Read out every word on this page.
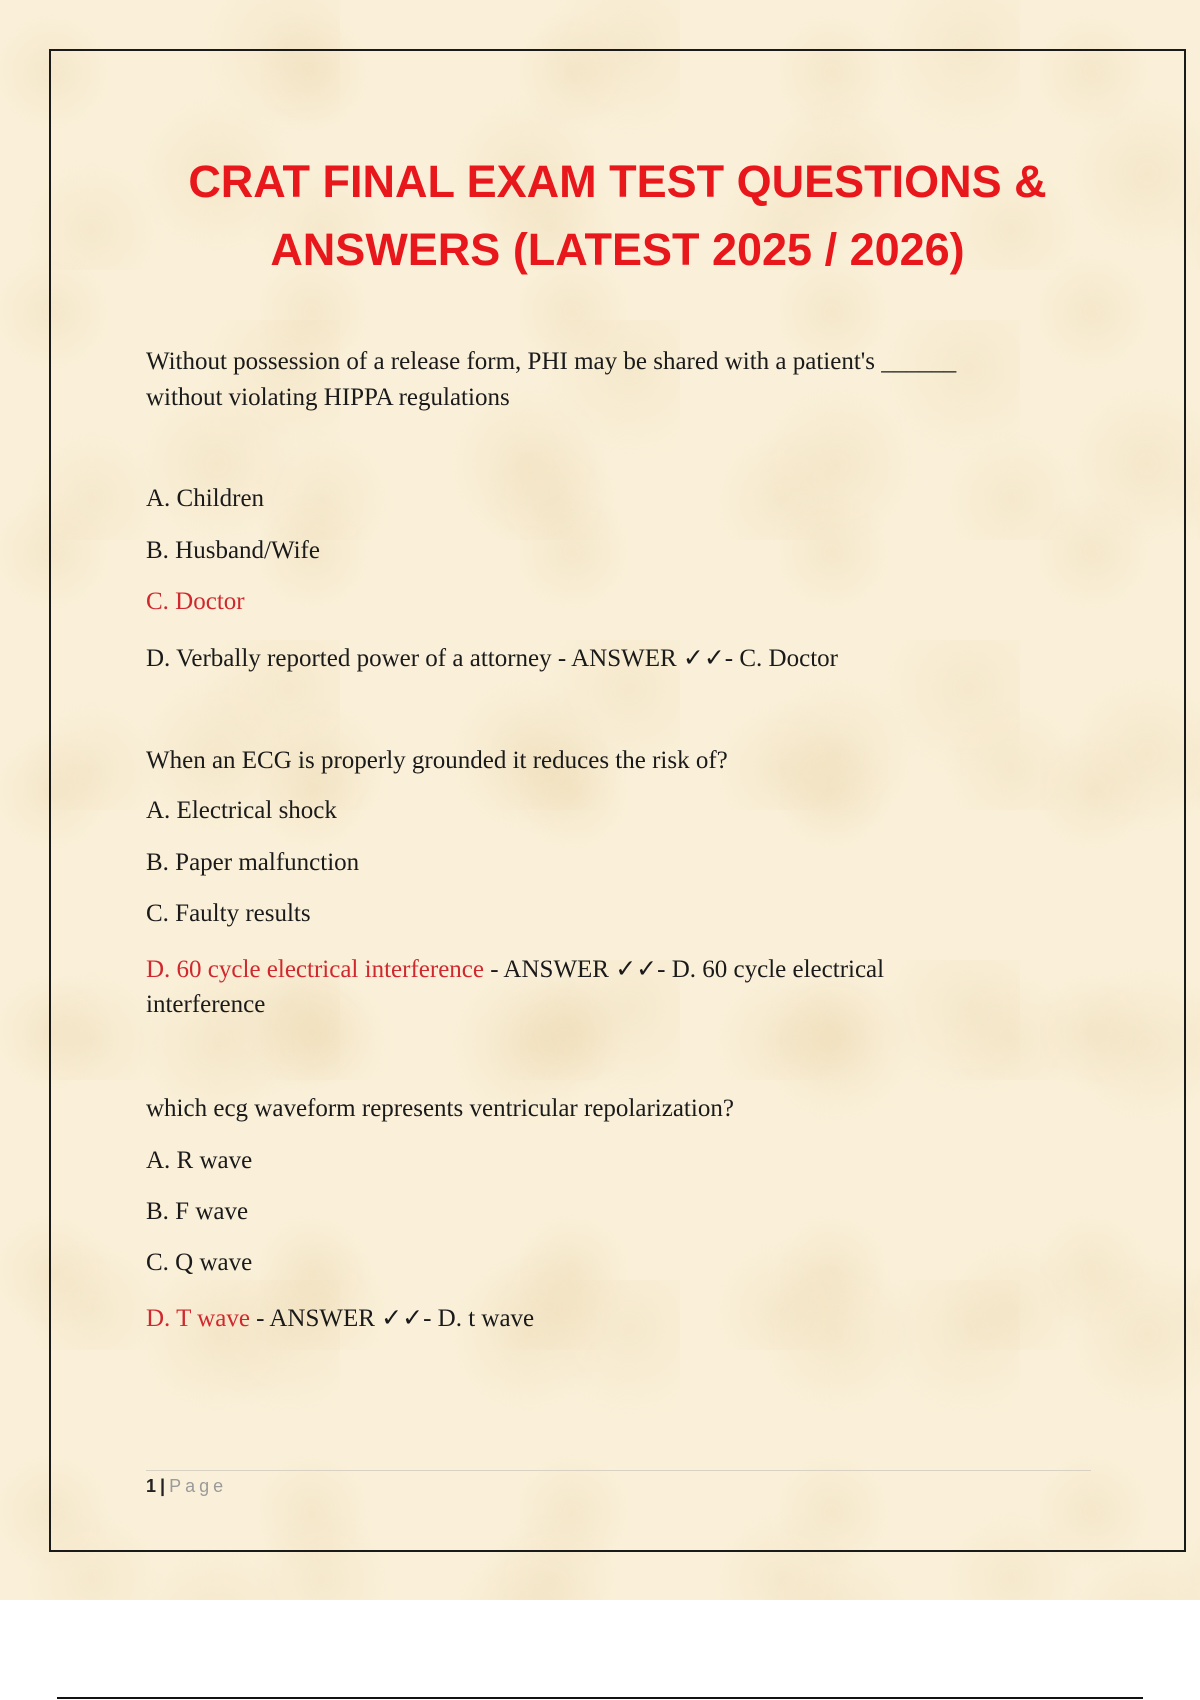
CRAT FINAL EXAM TEST QUESTIONS &
ANSWERS (LATEST 2025 / 2026)

Without possession of a release form, PHI may be shared with a patient's ______

without violating HIPPA regulations

A. Children

B. Husband/Wife

C. Doctor

D. Verbally reported power of a attorney - ANSWER ✓✓- C. Doctor

When an ECG is properly grounded it reduces the risk of?

A. Electrical shock

B. Paper malfunction

C. Faulty results

D. 60 cycle electrical interference - ANSWER ✓✓- D. 60 cycle electrical

interference

which ecg waveform represents ventricular repolarization?

A. R wave

B. F wave

C. Q wave

D. T wave - ANSWER ✓✓- D. t wave

1 | Page
